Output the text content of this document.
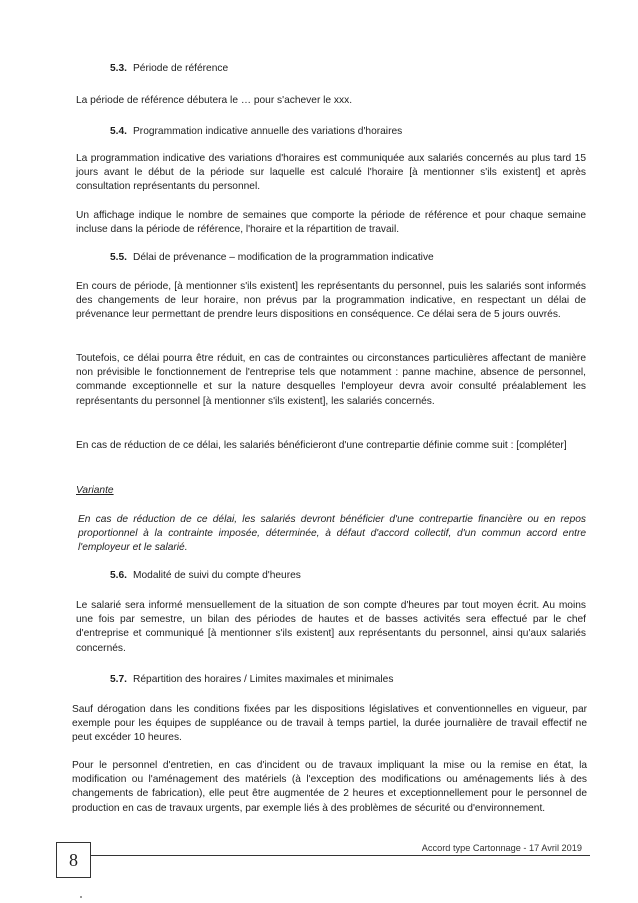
5.3. Période de référence
La période de référence débutera le … pour s'achever le xxx.
5.4. Programmation indicative annuelle des variations d'horaires
La programmation indicative des variations d'horaires est communiquée aux salariés concernés au plus tard 15 jours avant le début de la période sur laquelle est calculé l'horaire [à mentionner s'ils existent] et après consultation représentants du personnel.
Un affichage indique le nombre de semaines que comporte la période de référence et pour chaque semaine incluse dans la période de référence, l'horaire et la répartition de travail.
5.5. Délai de prévenance – modification de la programmation indicative
En cours de période, [à mentionner s'ils existent] les représentants du personnel, puis les salariés sont informés des changements de leur horaire, non prévus par la programmation indicative, en respectant un délai de prévenance leur permettant de prendre leurs dispositions en conséquence. Ce délai sera de 5 jours ouvrés.
Toutefois, ce délai pourra être réduit, en cas de contraintes ou circonstances particulières affectant de manière non prévisible le fonctionnement de l'entreprise tels que notamment : panne machine, absence de personnel, commande exceptionnelle et sur la nature desquelles l'employeur devra avoir consulté préalablement les représentants du personnel [à mentionner s'ils existent], les salariés concernés.
En cas de réduction de ce délai, les salariés bénéficieront d'une contrepartie définie comme suit : [compléter]
Variante
En cas de réduction de ce délai, les salariés devront bénéficier d'une contrepartie financière ou en repos proportionnel à la contrainte imposée, déterminée, à défaut d'accord collectif, d'un commun accord entre l'employeur et le salarié.
5.6. Modalité de suivi du compte d'heures
Le salarié sera informé mensuellement de la situation de son compte d'heures par tout moyen écrit. Au moins une fois par semestre, un bilan des périodes de hautes et de basses activités sera effectué par le chef d'entreprise et communiqué [à mentionner s'ils existent] aux représentants du personnel, ainsi qu'aux salariés concernés.
5.7. Répartition des horaires / Limites maximales et minimales
Sauf dérogation dans les conditions fixées par les dispositions législatives et conventionnelles en vigueur, par exemple pour les équipes de suppléance ou de travail à temps partiel, la durée journalière de travail effectif ne peut excéder 10 heures.
Pour le personnel d'entretien, en cas d'incident ou de travaux impliquant la mise ou la remise en état, la modification ou l'aménagement des matériels (à l'exception des modifications ou aménagements liés à des changements de fabrication), elle peut être augmentée de 2 heures et exceptionnellement pour le personnel de production en cas de travaux urgents, par exemple liés à des problèmes de sécurité ou d'environnement.
8
Accord type Cartonnage - 17 Avril 2019
